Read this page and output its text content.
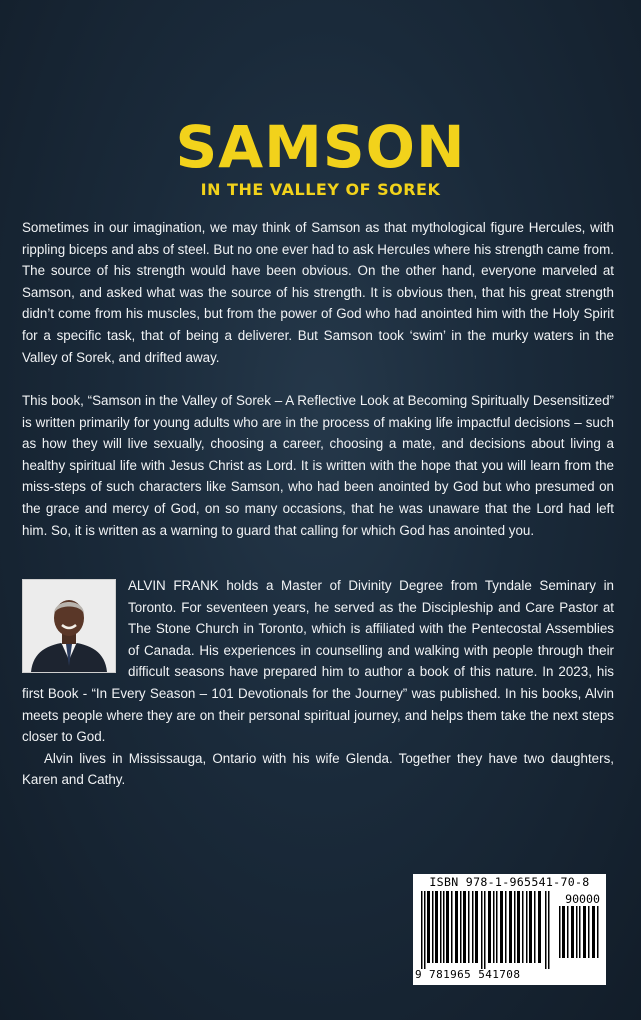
SAMSON
IN THE VALLEY OF SOREK

Sometimes in our imagination, we may think of Samson as that mythological figure Hercules, with rippling biceps and abs of steel. But no one ever had to ask Hercules where his strength came from. The source of his strength would have been obvious. On the other hand, everyone marveled at Samson, and asked what was the source of his strength. It is obvious then, that his great strength didn’t come from his muscles, but from the power of God who had anointed him with the Holy Spirit for a specific task, that of being a deliverer. But Samson took ‘swim’ in the murky waters in the Valley of Sorek, and drifted away.

This book, “Samson in the Valley of Sorek – A Reflective Look at Becoming Spiritually Desensitized” is written primarily for young adults who are in the process of making life impactful decisions – such as how they will live sexually, choosing a career, choosing a mate, and decisions about living a healthy spiritual life with Jesus Christ as Lord. It is written with the hope that you will learn from the miss-steps of such characters like Samson, who had been anointed by God but who presumed on the grace and mercy of God, on so many occasions, that he was unaware that the Lord had left him. So, it is written as a warning to guard that calling for which God has anointed you.

ALVIN FRANK holds a Master of Divinity Degree from Tyndale Seminary in Toronto. For seventeen years, he served as the Discipleship and Care Pastor at The Stone Church in Toronto, which is affiliated with the Pentecostal Assemblies of Canada. His experiences in counselling and walking with people through their difficult seasons have prepared him to author a book of this nature. In 2023, his first Book - “In Every Season – 101 Devotionals for the Journey” was published. In his books, Alvin meets people where they are on their personal spiritual journey, and helps them take the next steps closer to God.

Alvin lives in Mississauga, Ontario with his wife Glenda. Together they have two daughters, Karen and Cathy.

ISBN 978-1-965541-70-8
90000
9 781965 541708
